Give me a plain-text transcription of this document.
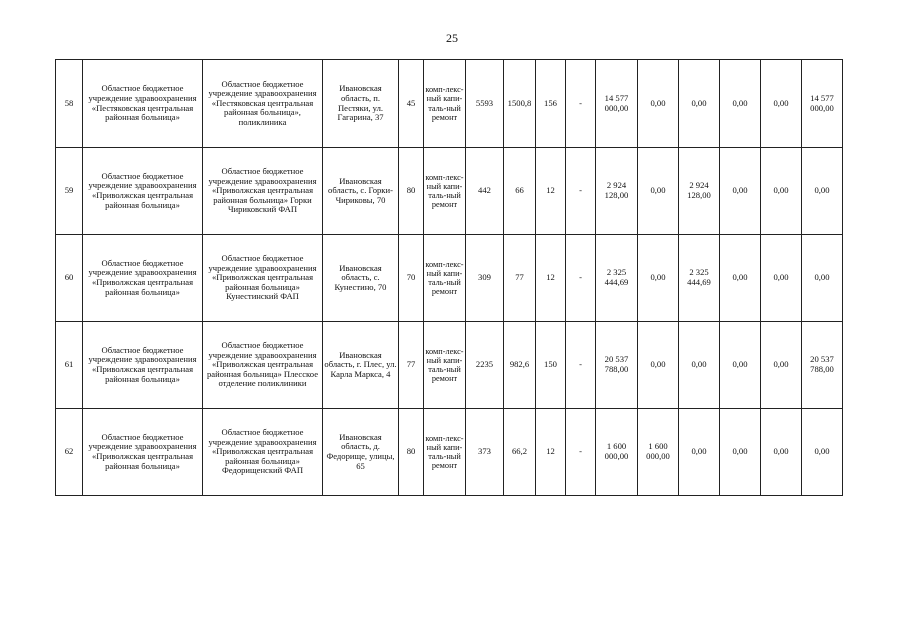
25
58	Областное бюджетное учреждение здравоохранения «Пестяковская центральная районная больница»	Областное бюджетное учреждение здравоохранения «Пестяковская центральная районная больница», поликлиника	Ивановская область, п. Пестяки, ул. Гагарина, 37	45	комп-лекс-ный капи-таль-ный ремонт	5593	1500,8	156	-	14 577 000,00	0,00	0,00	0,00	0,00	14 577 000,00
59	Областное бюджетное учреждение здравоохранения «Приволжская центральная районная больница»	Областное бюджетное учреждение здравоохранения «Приволжская центральная районная больница» Горки Чириковский ФАП	Ивановская область, с. Горки-Чириковы, 70	80	комп-лекс-ный капи-таль-ный ремонт	442	66	12	-	2 924 128,00	0,00	2 924 128,00	0,00	0,00	0,00
60	Областное бюджетное учреждение здравоохранения «Приволжская центральная районная больница»	Областное бюджетное учреждение здравоохранения «Приволжская центральная районная больница» Кунестинский ФАП	Ивановская область, с. Кунестино, 70	70	комп-лекс-ный капи-таль-ный ремонт	309	77	12	-	2 325 444,69	0,00	2 325 444,69	0,00	0,00	0,00
61	Областное бюджетное учреждение здравоохранения «Приволжская центральная районная больница»	Областное бюджетное учреждение здравоохранения «Приволжская центральная районная больница» Плесское отделение поликлиники	Ивановская область, г. Плес, ул. Карла Маркса, 4	77	комп-лекс-ный капи-таль-ный ремонт	2235	982,6	150	-	20 537 788,00	0,00	0,00	0,00	0,00	20 537 788,00
62	Областное бюджетное учреждение здравоохранения «Приволжская центральная районная больница»	Областное бюджетное учреждение здравоохранения «Приволжская центральная районная больница» Федорищенский ФАП	Ивановская область, д. Федорище, улицы, 65	80	комп-лекс-ный капи-таль-ный ремонт	373	66,2	12	-	1 600 000,00	1 600 000,00	0,00	0,00	0,00	0,00
